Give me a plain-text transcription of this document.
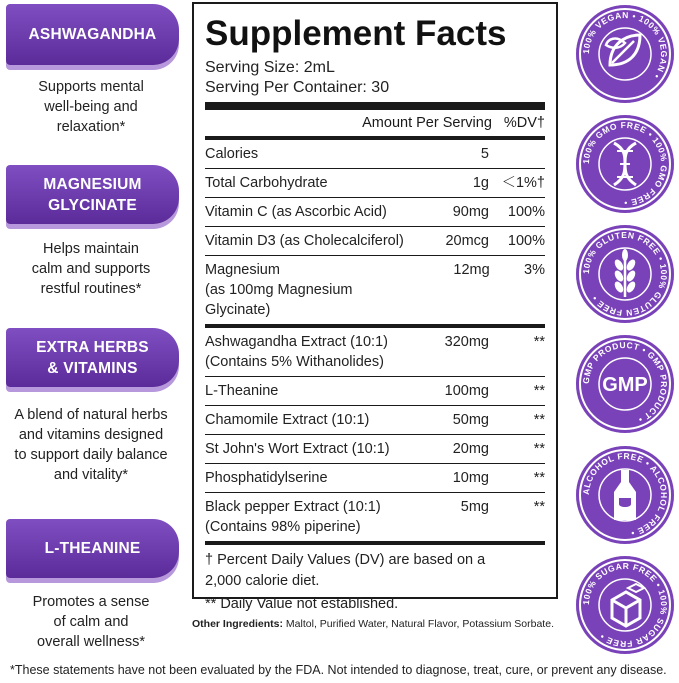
ASHWAGANDHA
Supports mental
well-being and
relaxation*
MAGNESIUM
GLYCINATE
Helps maintain
calm and supports
restful routines*
EXTRA HERBS
& VITAMINS
A blend of natural herbs
and vitamins designed
to support daily balance
and vitality*
L-THEANINE
Promotes a sense
of calm and
overall wellness*
Supplement Facts
Serving Size: 2mL
Serving Per Container: 30
Amount Per Serving %DV†
Calories	5
Total Carbohydrate	1g ＜1%†
Vitamin C (as Ascorbic Acid)	90mg	100%
Vitamin D3 (as Cholecalciferol)	20mcg	100%
Magnesium
(as 100mg Magnesium Glycinate)
12mg	3%
Ashwagandha Extract (10:1)
(Contains 5% Withanolides)
320mg	**
L-Theanine	100mg	**
Chamomile Extract (10:1)	50mg	**
St John's Wort Extract (10:1)	20mg	**
Phosphatidylserine	10mg	**
Black pepper Extract (10:1)
(Contains 98% piperine)
5mg	**
† Percent Daily Values (DV) are based on a
2,000 calorie diet.
** Daily Value not established.
Other Ingredients: Maltol, Purified Water, Natural Flavor, Potassium Sorbate.
*These statements have not been evaluated by the FDA. Not intended to diagnose, treat, cure, or prevent any disease.
100% VEGAN • 100% VEGAN •
100% GMO FREE • 100% GMO FREE •
100% GLUTEN FREE • 100% GLUTEN FREE •
GMP PRODUCT • GMP PRODUCT •
GMP
ALCOHOL FREE • ALCOHOL FREE •
100% SUGAR FREE • 100% SUGAR FREE •
